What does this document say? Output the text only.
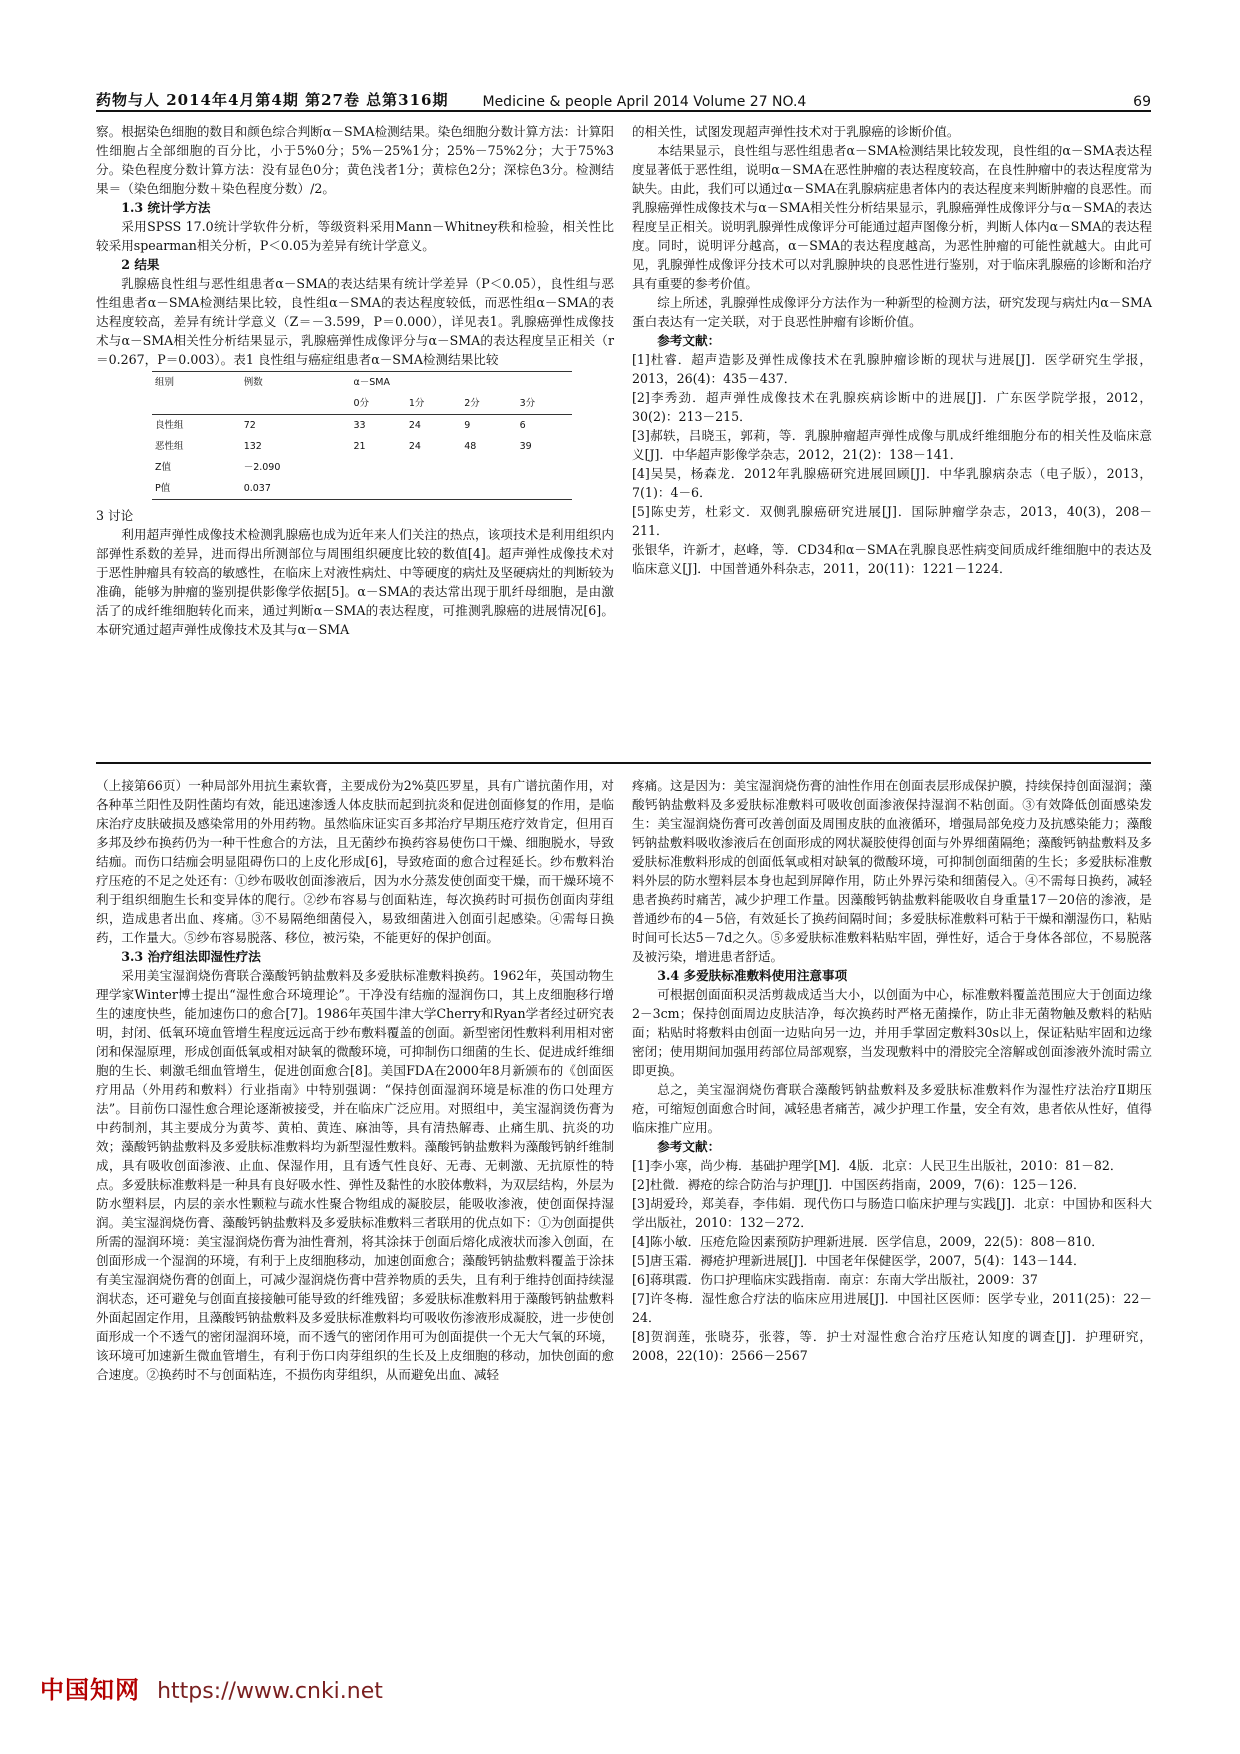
药物与人 2014年4月第4期 第27卷 总第316期 Medicine & people April 2014 Volume 27 NO.4	69

察。根据染色细胞的数目和颜色综合判断α－SMA检测结果。染色细胞分数计算方法：计算阳性细胞占全部细胞的百分比，小于5%0分；5%－25%1分；25%－75%2分；大于75%3分。染色程度分数计算方法：没有显色0分；黄色浅者1分；黄棕色2分；深棕色3分。检测结果＝（染色细胞分数＋染色程度分数）/2。

1.3 统计学方法

采用SPSS 17.0统计学软件分析，等级资料采用Mann－Whitney秩和检验，相关性比较采用spearman相关分析，P＜0.05为差异有统计学意义。

2 结果

乳腺癌良性组与恶性组患者α－SMA的表达结果有统计学差异（P＜0.05），良性组与恶性组患者α－SMA检测结果比较，良性组α－SMA的表达程度较低，而恶性组α－SMA的表达程度较高，差异有统计学意义（Z＝－3.599，P＝0.000），详见表1。乳腺癌弹性成像技术与α－SMA相关性分析结果显示，乳腺癌弹性成像评分与α－SMA的表达程度呈正相关（r＝0.267，P＝0.003）。表1 良性组与癌症组患者α－SMA检测结果比较

组别	例数	α－SMA			
		0分	1分	2分	3分
良性组	72	33	24	9	6
恶性组	132	21	24	48	39
Z值	－2.090				
P值	0.037				

3 讨论

利用超声弹性成像技术检测乳腺癌也成为近年来人们关注的热点，该项技术是利用组织内部弹性系数的差异，进而得出所测部位与周围组织硬度比较的数值[4]。超声弹性成像技术对于恶性肿瘤具有较高的敏感性，在临床上对液性病灶、中等硬度的病灶及坚硬病灶的判断较为准确，能够为肿瘤的鉴别提供影像学依据[5]。α－SMA的表达常出现于肌纤母细胞，是由激活了的成纤维细胞转化而来，通过判断α－SMA的表达程度，可推测乳腺癌的进展情况[6]。本研究通过超声弹性成像技术及其与α－SMA

的相关性，试图发现超声弹性技术对于乳腺癌的诊断价值。

本结果显示，良性组与恶性组患者α－SMA检测结果比较发现，良性组的α－SMA表达程度显著低于恶性组，说明α－SMA在恶性肿瘤的表达程度较高，在良性肿瘤中的表达程度常为缺失。由此，我们可以通过α－SMA在乳腺病症患者体内的表达程度来判断肿瘤的良恶性。而乳腺癌弹性成像技术与α－SMA相关性分析结果显示，乳腺癌弹性成像评分与α－SMA的表达程度呈正相关。说明乳腺弹性成像评分可能通过超声图像分析，判断人体内α－SMA的表达程度。同时，说明评分越高，α－SMA的表达程度越高，为恶性肿瘤的可能性就越大。由此可见，乳腺弹性成像评分技术可以对乳腺肿块的良恶性进行鉴别，对于临床乳腺癌的诊断和治疗具有重要的参考价值。

综上所述，乳腺弹性成像评分方法作为一种新型的检测方法，研究发现与病灶内α－SMA蛋白表达有一定关联，对于良恶性肿瘤有诊断价值。

参考文献：

[1]杜睿．超声造影及弹性成像技术在乳腺肿瘤诊断的现状与进展[J]．医学研究生学报，2013，26(4)：435－437．

[2]李秀劲．超声弹性成像技术在乳腺疾病诊断中的进展[J]．广东医学院学报，2012，30(2)：213－215．

[3]郝轶，吕晓玉，郭莉，等．乳腺肿瘤超声弹性成像与肌成纤维细胞分布的相关性及临床意义[J]．中华超声影像学杂志，2012，21(2)：138－141．

[4]吴昊，杨森龙．2012年乳腺癌研究进展回顾[J]．中华乳腺病杂志（电子版），2013，7(1)：4－6．

[5]陈史芳，杜彩文．双侧乳腺癌研究进展[J]．国际肿瘤学杂志，2013，40(3)，208－211．

张银华，许新才，赵峰，等．CD34和α－SMA在乳腺良恶性病变间质成纤维细胞中的表达及临床意义[J]．中国普通外科杂志，2011，20(11)：1221－1224．

（上接第66页）一种局部外用抗生素软膏，主要成份为2%莫匹罗星，具有广谱抗菌作用，对各种革兰阳性及阴性菌均有效，能迅速渗透人体皮肤而起到抗炎和促进创面修复的作用，是临床治疗皮肤破损及感染常用的外用药物。虽然临床证实百多邦治疗早期压疮疗效肯定，但用百多邦及纱布换药仍为一种干性愈合的方法，且无菌纱布换药容易使伤口干燥、细胞脱水，导致结痂。而伤口结痂会明显阻碍伤口的上皮化形成[6]，导致疮面的愈合过程延长。纱布敷料治疗压疮的不足之处还有：①纱布吸收创面渗液后，因为水分蒸发使创面变干燥，而干燥环境不利于组织细胞生长和变异体的爬行。②纱布容易与创面粘连，每次换药时可损伤创面肉芽组织，造成患者出血、疼痛。③不易隔绝细菌侵入，易致细菌进入创面引起感染。④需每日换药，工作量大。⑤纱布容易脱落、移位，被污染，不能更好的保护创面。

3.3 治疗组法即湿性疗法

采用美宝湿润烧伤膏联合藻酸钙钠盐敷料及多爱肤标准敷料换药。1962年，英国动物生理学家Winter博士提出“湿性愈合环境理论”。干净没有结痂的湿润伤口，其上皮细胞移行增生的速度快些，能加速伤口的愈合[7]。1986年英国牛津大学Cherry和Ryan学者经过研究表明，封闭、低氧环境血管增生程度远远高于纱布敷料覆盖的创面。新型密闭性敷料利用相对密闭和保湿原理，形成创面低氧或相对缺氧的微酸环境，可抑制伤口细菌的生长、促进成纤维细胞的生长、刺激毛细血管增生，促进创面愈合[8]。美国FDA在2000年8月新颁布的《创面医疗用品（外用药和敷料）行业指南》中特别强调：“保持创面湿润环境是标准的伤口处理方法”。目前伤口湿性愈合理论逐渐被接受，并在临床广泛应用。对照组中，美宝湿润烫伤膏为中药制剂，其主要成分为黄芩、黄柏、黄连、麻油等，具有清热解毒、止痛生肌、抗炎的功效；藻酸钙钠盐敷料及多爱肤标准敷料均为新型湿性敷料。藻酸钙钠盐敷料为藻酸钙钠纤维制成，具有吸收创面渗液、止血、保湿作用，且有透气性良好、无毒、无刺激、无抗原性的特点。多爱肤标准敷料是一种具有良好吸水性、弹性及黏性的水胶体敷料，为双层结构，外层为防水塑料层，内层的亲水性颗粒与疏水性聚合物组成的凝胶层，能吸收渗液，使创面保持湿润。美宝湿润烧伤膏、藻酸钙钠盐敷料及多爱肤标准敷料三者联用的优点如下：①为创面提供所需的湿润环境：美宝湿润烧伤膏为油性膏剂，将其涂抹于创面后熔化成液状而渗入创面，在创面形成一个湿润的环境，有利于上皮细胞移动，加速创面愈合；藻酸钙钠盐敷料覆盖于涂抹有美宝湿润烧伤膏的创面上，可减少湿润烧伤膏中营养物质的丢失，且有利于维持创面持续湿润状态，还可避免与创面直接接触可能导致的纤维残留；多爱肤标准敷料用于藻酸钙钠盐敷料外面起固定作用，且藻酸钙钠盐敷料及多爱肤标准敷料均可吸收伤渗液形成凝胶，进一步使创面形成一个不透气的密闭湿润环境，而不透气的密闭作用可为创面提供一个无大气氧的环境，该环境可加速新生微血管增生，有利于伤口肉芽组织的生长及上皮细胞的移动，加快创面的愈合速度。②换药时不与创面粘连，不损伤肉芽组织，从而避免出血、减轻

疼痛。这是因为：美宝湿润烧伤膏的油性作用在创面表层形成保护膜，持续保持创面湿润；藻酸钙钠盐敷料及多爱肤标准敷料可吸收创面渗液保持湿润不粘创面。③有效降低创面感染发生：美宝湿润烧伤膏可改善创面及周围皮肤的血液循环，增强局部免疫力及抗感染能力；藻酸钙钠盐敷料吸收渗液后在创面形成的网状凝胶使得创面与外界细菌隔绝；藻酸钙钠盐敷料及多爱肤标准敷料形成的创面低氧或相对缺氧的微酸环境，可抑制创面细菌的生长；多爱肤标准敷料外层的防水塑料层本身也起到屏障作用，防止外界污染和细菌侵入。④不需每日换药，减轻患者换药时痛苦，减少护理工作量。因藻酸钙钠盐敷料能吸收自身重量17－20倍的渗液，是普通纱布的4－5倍，有效延长了换药间隔时间；多爱肤标准敷料可粘于干燥和潮湿伤口，粘贴时间可长达5－7d之久。⑤多爱肤标准敷料粘贴牢固，弹性好，适合于身体各部位，不易脱落及被污染，增进患者舒适。

3.4 多爱肤标准敷料使用注意事项

可根据创面面积灵活剪裁成适当大小，以创面为中心，标准敷料覆盖范围应大于创面边缘2－3cm；保持创面周边皮肤洁净，每次换药时严格无菌操作，防止非无菌物触及敷料的粘贴面；粘贴时将敷料由创面一边贴向另一边，并用手掌固定敷料30s以上，保证粘贴牢固和边缘密闭；使用期间加强用药部位局部观察，当发现敷料中的滑胶完全溶解或创面渗液外流时需立即更换。

总之，美宝湿润烧伤膏联合藻酸钙钠盐敷料及多爱肤标准敷料作为湿性疗法治疗Ⅱ期压疮，可缩短创面愈合时间，减轻患者痛苦，减少护理工作量，安全有效，患者依从性好，值得临床推广应用。

参考文献：

[1]李小寒，尚少梅．基础护理学[M]．4版．北京：人民卫生出版社，2010：81－82．

[2]杜微．褥疮的综合防治与护理[J]．中国医药指南，2009，7(6)：125－126．

[3]胡爱玲，郑美春，李伟娟．现代伤口与肠造口临床护理与实践[J]．北京：中国协和医科大学出版社，2010：132－272．

[4]陈小敏．压疮危险因素预防护理新进展．医学信息，2009，22(5)：808－810．

[5]唐玉霜．褥疮护理新进展[J]．中国老年保健医学，2007，5(4)：143－144．

[6]蒋琪霞．伤口护理临床实践指南．南京：东南大学出版社，2009：37

[7]许冬梅．湿性愈合疗法的临床应用进展[J]．中国社区医师：医学专业，2011(25)：22－24．

[8]贺润莲，张晓芬，张蓉，等．护士对湿性愈合治疗压疮认知度的调查[J]．护理研究，2008，22(10)：2566－2567

中国知网 https://www.cnki.net
